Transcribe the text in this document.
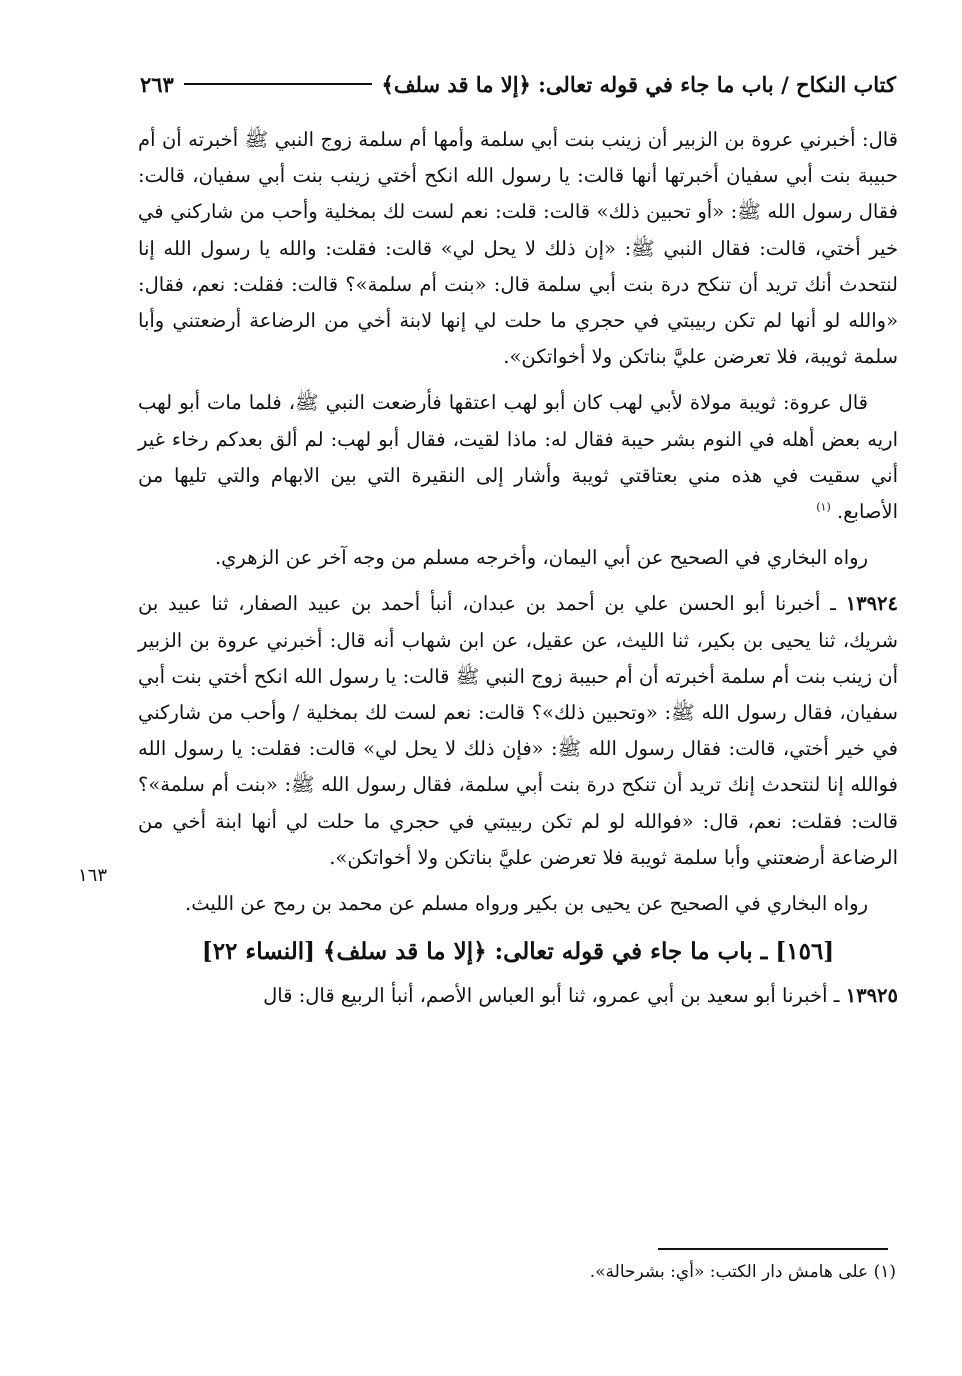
كتاب النكاح / باب ما جاء في قوله تعالى: ﴿إلا ما قد سلف﴾
٢٦٣
١٦٣

قال: أخبرني عروة بن الزبير أن زينب بنت أبي سلمة وأمها أم سلمة زوج النبي ﷺ أخبرته أن أم حبيبة بنت أبي سفيان أخبرتها أنها قالت: يا رسول الله انكح أختي زينب بنت أبي سفيان، قالت: فقال رسول الله ﷺ: «أو تحبين ذلك» قالت: قلت: نعم لست لك بمخلية وأحب من شاركني في خير أختي، قالت: فقال النبي ﷺ: «إن ذلك لا يحل لي» قالت: فقلت: والله يا رسول الله إنا لنتحدث أنك تريد أن تنكح درة بنت أبي سلمة قال: «بنت أم سلمة»؟ قالت: فقلت: نعم، فقال: «والله لو أنها لم تكن ربيبتي في حجري ما حلت لي إنها لابنة أخي من الرضاعة أرضعتني وأبا سلمة ثويبة، فلا تعرضن عليَّ بناتكن ولا أخواتكن».

قال عروة: ثويبة مولاة لأبي لهب كان أبو لهب اعتقها فأرضعت النبي ﷺ، فلما مات أبو لهب اريه بعض أهله في النوم بشر حيبة فقال له: ماذا لقيت، فقال أبو لهب: لم ألق بعدكم رخاء غير أني سقيت في هذه مني بعتاقتي ثويبة وأشار إلى النقيرة التي بين الابهام والتي تليها من الأصابع. $^{(١)}$

رواه البخاري في الصحيح عن أبي اليمان، وأخرجه مسلم من وجه آخر عن الزهري.

١٣٩٢٤ ـ أخبرنا أبو الحسن علي بن أحمد بن عبدان، أنبأ أحمد بن عبيد الصفار، ثنا عبيد بن شريك، ثنا يحيى بن بكير، ثنا الليث، عن عقيل، عن ابن شهاب أنه قال: أخبرني عروة بن الزبير أن زينب بنت أم سلمة أخبرته أن أم حبيبة زوج النبي ﷺ قالت: يا رسول الله انكح أختي بنت أبي سفيان، فقال رسول الله ﷺ: «وتحبين ذلك»؟ قالت: نعم لست لك بمخلية / وأحب من شاركني في خير أختي، قالت: فقال رسول الله ﷺ: «فإن ذلك لا يحل لي» قالت: فقلت: يا رسول الله فوالله إنا لنتحدث إنك تريد أن تنكح درة بنت أبي سلمة، فقال رسول الله ﷺ: «بنت أم سلمة»؟ قالت: فقلت: نعم، قال: «فوالله لو لم تكن ربيبتي في حجري ما حلت لي أنها ابنة أخي من الرضاعة أرضعتني وأبا سلمة ثويبة فلا تعرضن عليَّ بناتكن ولا أخواتكن».

رواه البخاري في الصحيح عن يحيى بن بكير ورواه مسلم عن محمد بن رمح عن الليث.

[١٥٦] ـ باب ما جاء في قوله تعالى: ﴿إلا ما قد سلف﴾ [النساء ٢٢]

١٣٩٢٥ ـ أخبرنا أبو سعيد بن أبي عمرو، ثنا أبو العباس الأصم، أنبأ الربيع قال: قال

(١) على هامش دار الكتب: «أي: بشرحالة».
